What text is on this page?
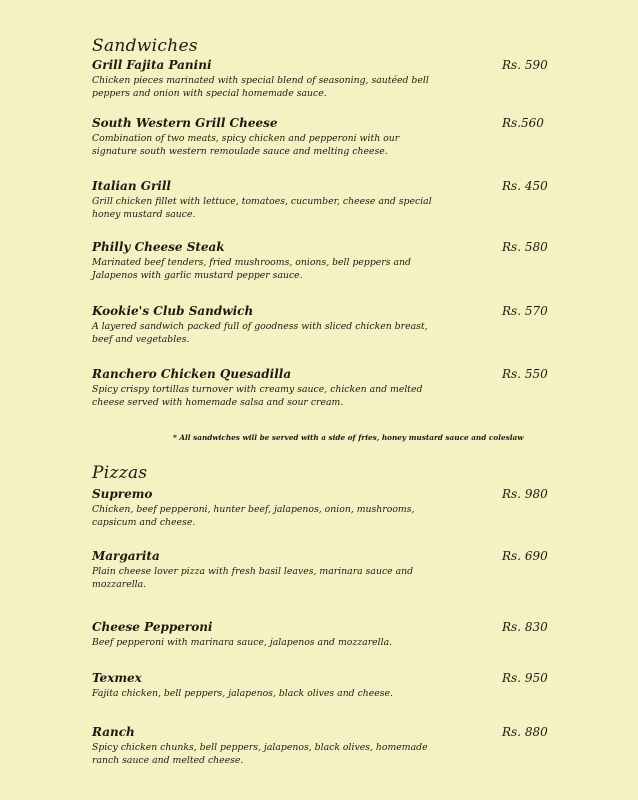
Sandwiches
Grill Fajita Panini	Rs. 590
Chicken pieces marinated with special blend of seasoning, sautéed bell peppers and onion with special homemade sauce.
South Western Grill Cheese	Rs.560
Combination of two meats, spicy chicken and pepperoni with our signature south western remoulade sauce and melting cheese.
Italian Grill	Rs. 450
Grill chicken fillet with lettuce, tomatoes, cucumber, cheese and special honey mustard sauce.
Philly Cheese Steak	Rs. 580
Marinated beef tenders, fried mushrooms, onions, bell peppers and Jalapenos with garlic mustard pepper sauce.
Kookie's Club Sandwich	Rs. 570
A layered sandwich packed full of goodness with sliced chicken breast, beef and vegetables.
Ranchero Chicken Quesadilla	Rs. 550
Spicy crispy tortillas turnover with creamy sauce, chicken and melted cheese served with homemade salsa and sour cream.
* All sandwiches will be served with a side of fries, honey mustard sauce and coleslaw
Pizzas
Supremo	Rs. 980
Chicken, beef pepperoni, hunter beef, jalapenos, onion, mushrooms, capsicum and cheese.
Margarita	Rs. 690
Plain cheese lover pizza with fresh basil leaves, marinara sauce and mozzarella.
Cheese Pepperoni	Rs. 830
Beef pepperoni with marinara sauce, jalapenos and mozzarella.
Texmex	Rs. 950
Fajita chicken, bell peppers, jalapenos, black olives and cheese.
Ranch	Rs. 880
Spicy chicken chunks, bell peppers, jalapenos, black olives, homemade ranch sauce and melted cheese.
